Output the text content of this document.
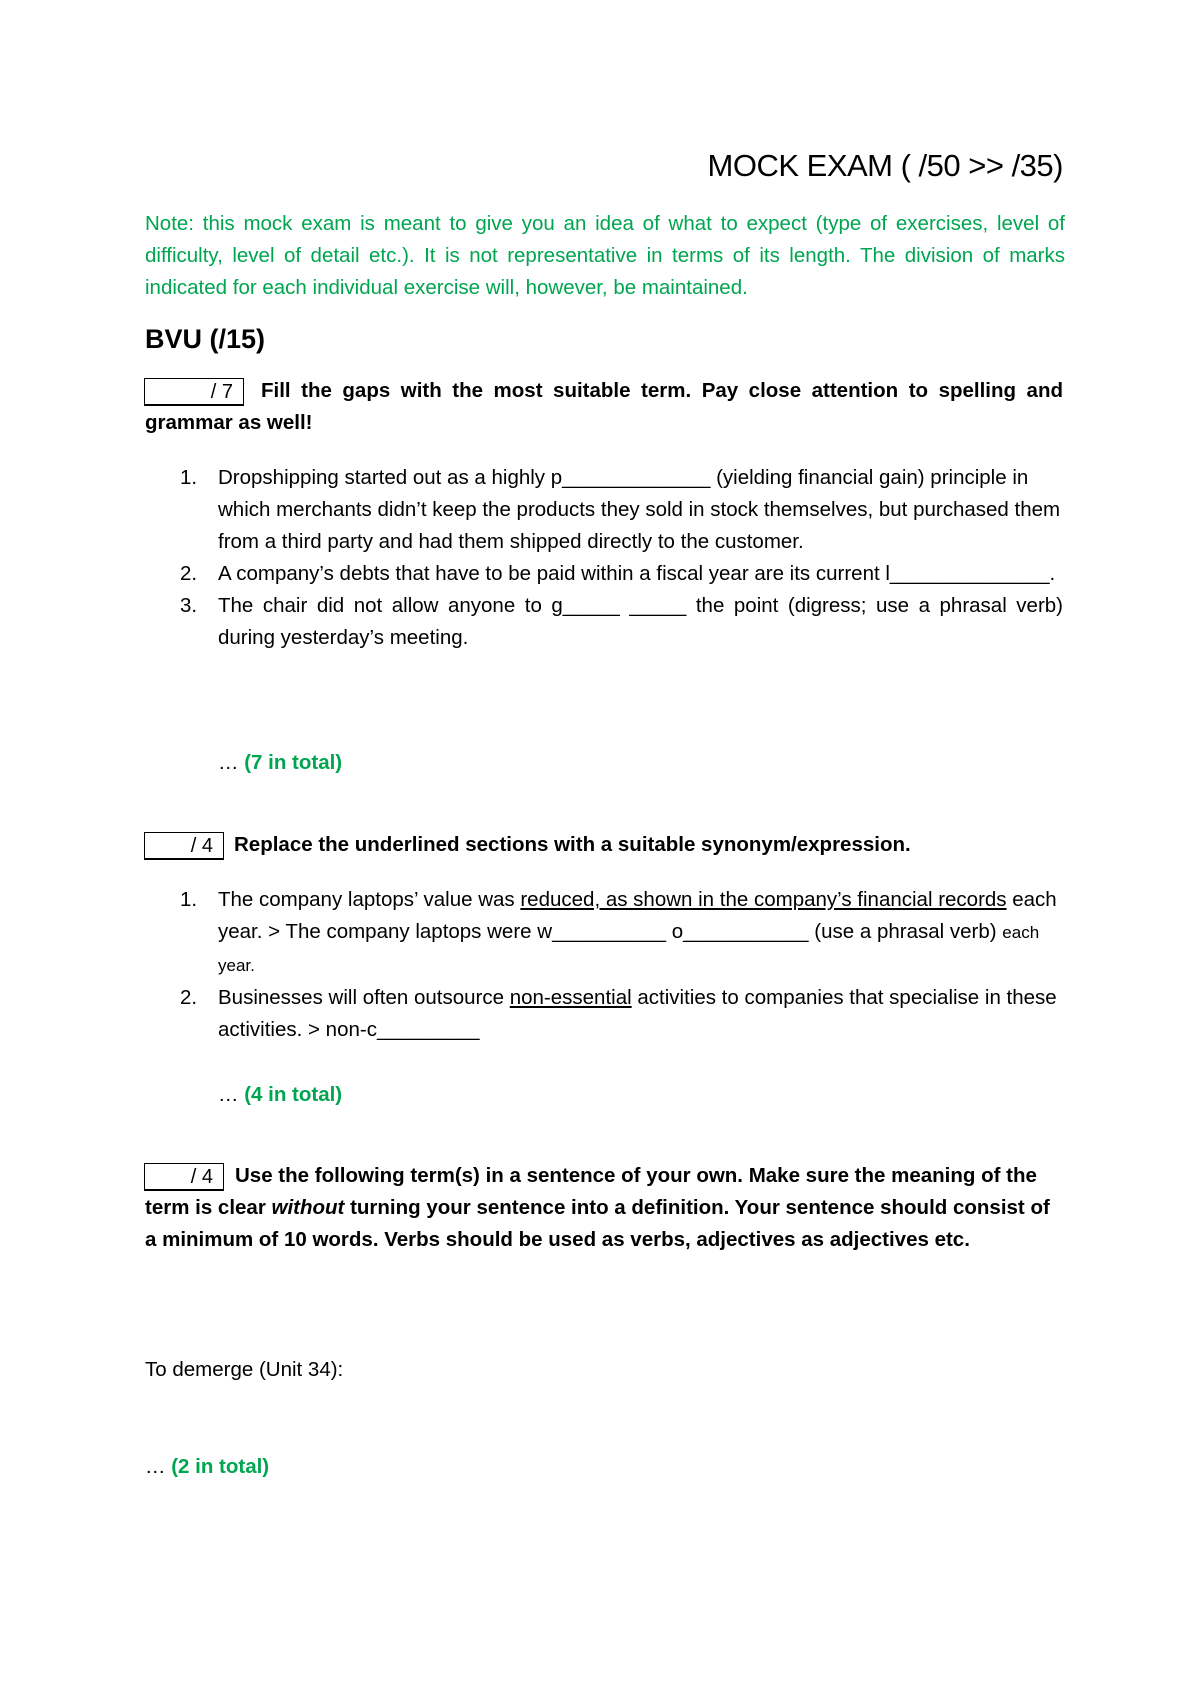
MOCK EXAM ( /50 >> /35)
Note: this mock exam is meant to give you an idea of what to expect (type of exercises, level of difficulty, level of detail etc.). It is not representative in terms of its length. The division of marks indicated for each individual exercise will, however, be maintained.
BVU (/15)
/ 7	Fill the gaps with the most suitable term. Pay close attention to spelling and grammar as well!
1. Dropshipping started out as a highly p_____________ (yielding financial gain) principle in which merchants didn’t keep the products they sold in stock themselves, but purchased them from a third party and had them shipped directly to the customer.
2. A company’s debts that have to be paid within a fiscal year are its current l______________.
3. The chair did not allow anyone to g_____ _____ the point (digress; use a phrasal verb) during yesterday’s meeting.
… (7 in total)
/ 4	Replace the underlined sections with a suitable synonym/expression.
1. The company laptops’ value was reduced, as shown in the company’s financial records each year. > The company laptops were w__________ o___________ (use a phrasal verb) each year.
2. Businesses will often outsource non-essential activities to companies that specialise in these activities. > non-c_________
… (4 in total)
/ 4	Use the following term(s) in a sentence of your own. Make sure the meaning of the term is clear without turning your sentence into a definition. Your sentence should consist of a minimum of 10 words. Verbs should be used as verbs, adjectives as adjectives etc.
To demerge (Unit 34):
… (2 in total)
